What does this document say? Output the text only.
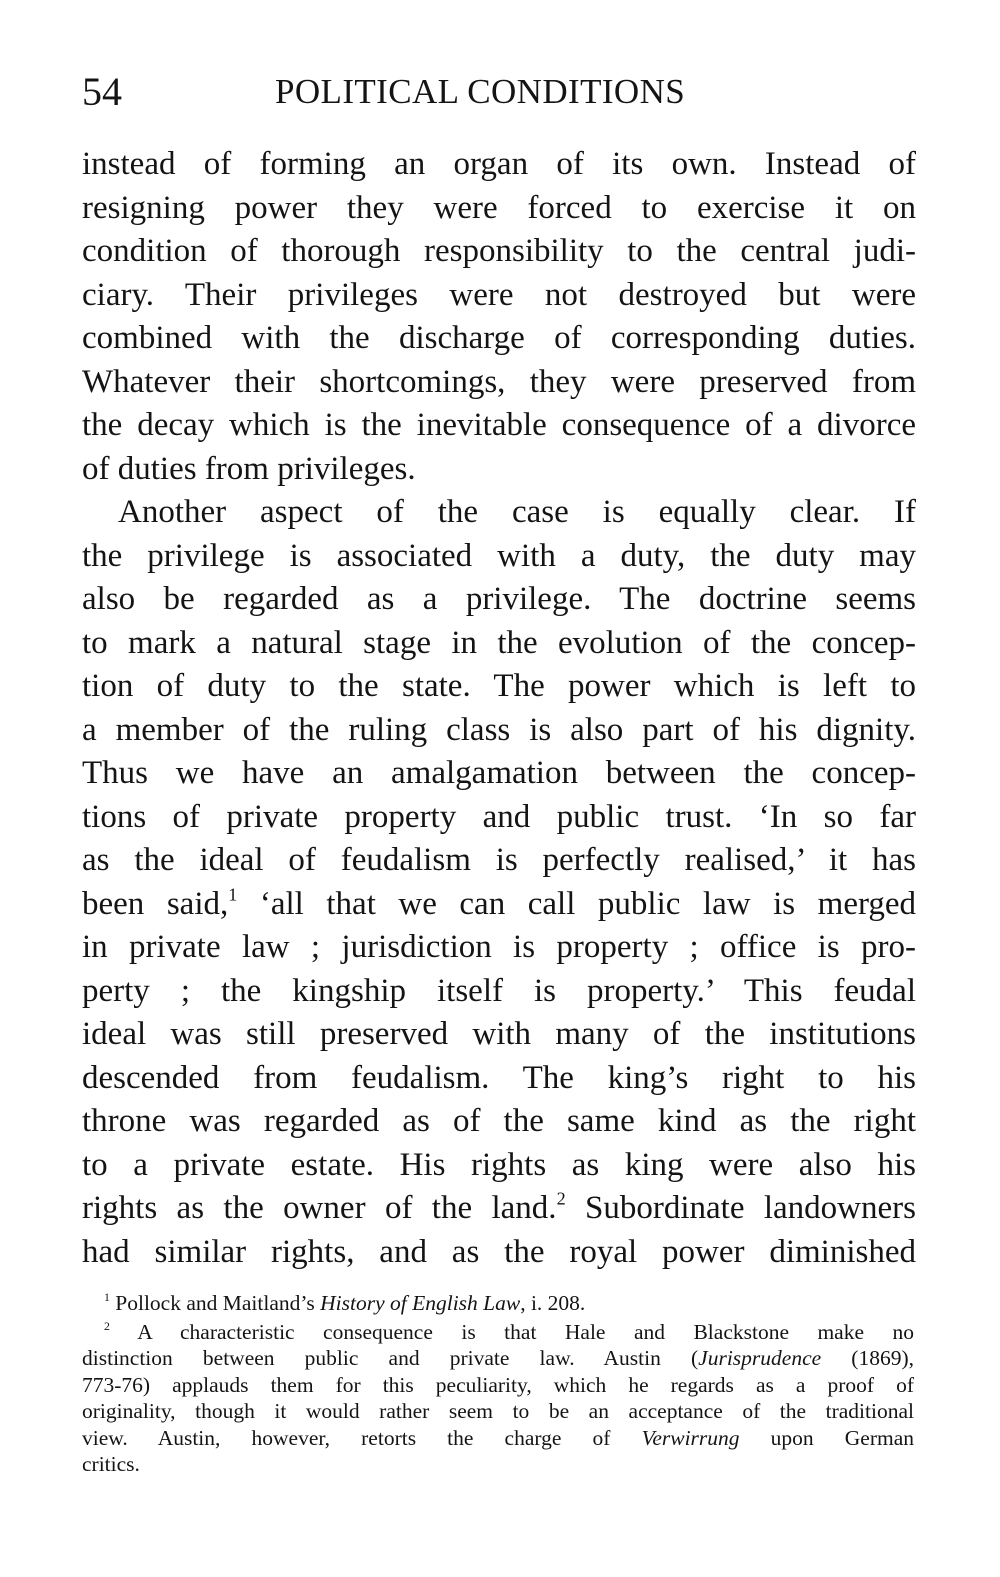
54	POLITICAL CONDITIONS
instead of forming an organ of its own. Instead of
resigning power they were forced to exercise it on
condition of thorough responsibility to the central judi-
ciary. Their privileges were not destroyed but were
combined with the discharge of corresponding duties.
Whatever their shortcomings, they were preserved from
the decay which is the inevitable consequence of a divorce
of duties from privileges.
Another aspect of the case is equally clear. If
the privilege is associated with a duty, the duty may
also be regarded as a privilege. The doctrine seems
to mark a natural stage in the evolution of the concep-
tion of duty to the state. The power which is left to
a member of the ruling class is also part of his dignity.
Thus we have an amalgamation between the concep-
tions of private property and public trust. ‘In so far
as the ideal of feudalism is perfectly realised,’ it has
been said,$^1$ ‘all that we can call public law is merged
in private law ; jurisdiction is property ; office is pro-
perty ; the kingship itself is property.’ This feudal
ideal was still preserved with many of the institutions
descended from feudalism. The king’s right to his
throne was regarded as of the same kind as the right
to a private estate. His rights as king were also his
rights as the owner of the land.$^2$ Subordinate landowners
had similar rights, and as the royal power diminished
$^1$ Pollock and Maitland’s History of English Law, i. 208.
$^2$ A characteristic consequence is that Hale and Blackstone make no
distinction between public and private law. Austin (Jurisprudence (1869),
773-76) applauds them for this peculiarity, which he regards as a proof of
originality, though it would rather seem to be an acceptance of the traditional
view. Austin, however, retorts the charge of Verwirrung upon German
critics.
